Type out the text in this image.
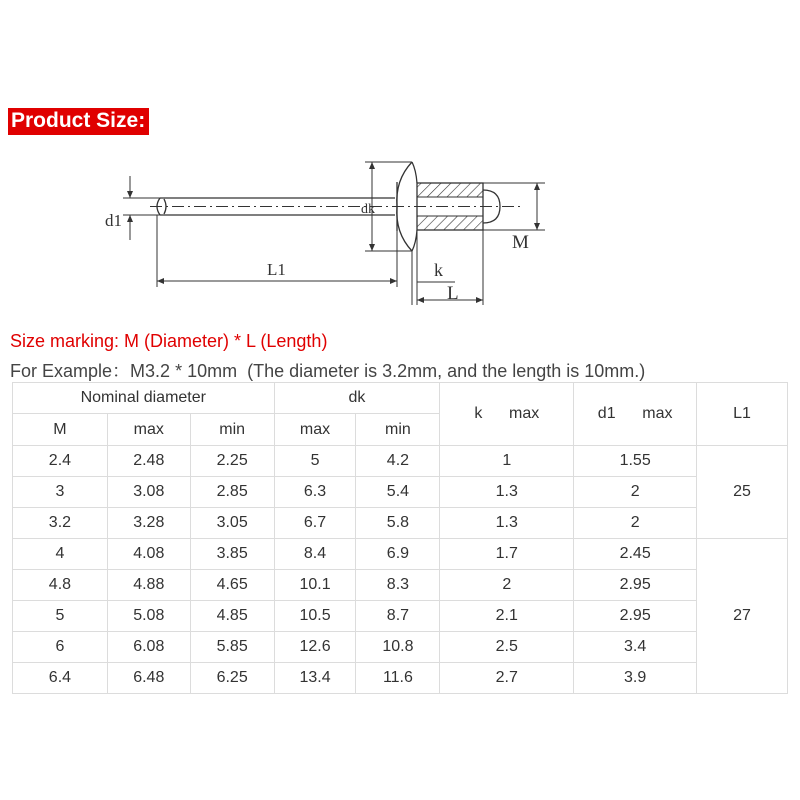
Product Size:
d1
dk
M
L1	k
L
Size marking: M (Diameter) * L (Length)
For Example：M3.2 * 10mm (The diameter is 3.2mm, and the length is 10mm.)
Nominal diameter			dk		k      max	d1      max	L1
M	max	min	max	min			
2.4	2.48	2.25	5	4.2	1	1.55	25
3	3.08	2.85	6.3	5.4	1.3	2	
3.2	3.28	3.05	6.7	5.8	1.3	2	
4	4.08	3.85	8.4	6.9	1.7	2.45	27
4.8	4.88	4.65	10.1	8.3	2	2.95	
5	5.08	4.85	10.5	8.7	2.1	2.95	
6	6.08	5.85	12.6	10.8	2.5	3.4	
6.4	6.48	6.25	13.4	11.6	2.7	3.9	
